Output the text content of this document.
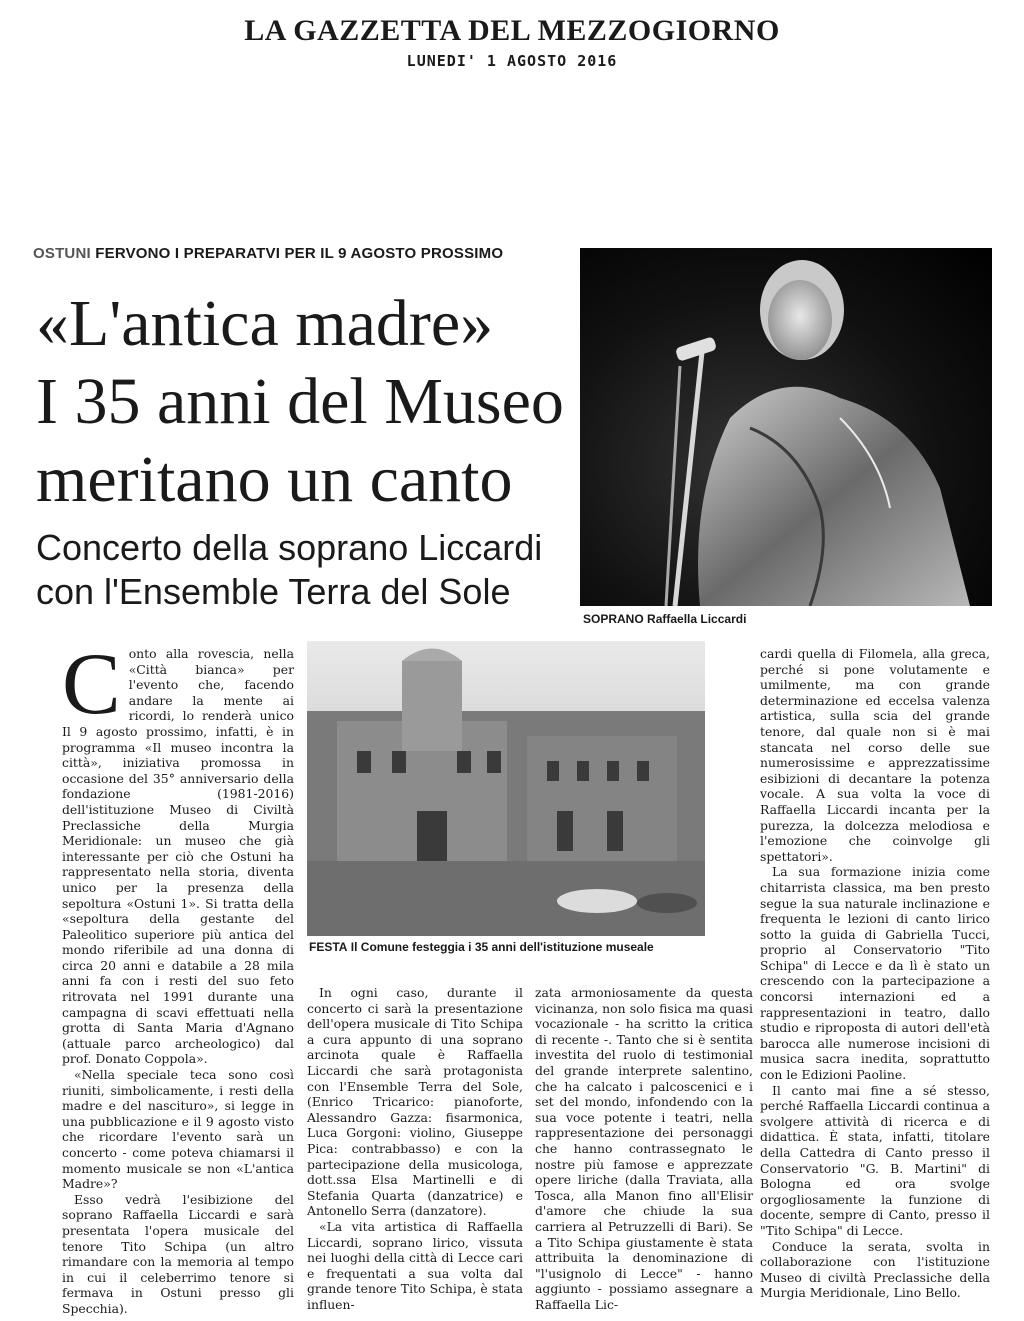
LA GAZZETTA DEL MEZZOGIORNO
LUNEDI' 1 AGOSTO 2016
OSTUNI FERVONO I PREPARATVI PER IL 9 AGOSTO PROSSIMO
«L'antica madre»
I 35 anni del Museo
meritano un canto
Concerto della soprano Liccardi
con l'Ensemble Terra del Sole
SOPRANO Raffaella Liccardi
FESTA Il Comune festeggia i 35 anni dell'istituzione museale

Conto alla rovescia, nella «Città bianca» per l'evento che, facendo andare la mente ai ricordi, lo renderà unico Il 9 agosto prossimo, infatti, è in programma «Il museo incontra la città», iniziativa promossa in occasione del 35° anniversario della fondazione (1981-2016) dell'istituzione Museo di Civiltà Preclassiche della Murgia Meridionale: un museo che già interessante per ciò che Ostuni ha rappresentato nella storia, diventa unico per la presenza della sepoltura «Ostuni 1». Si tratta della «sepoltura della gestante del Paleolitico superiore più antica del mondo riferibile ad una donna di circa 20 anni e databile a 28 mila anni fa con i resti del suo feto ritrovata nel 1991 durante una campagna di scavi effettuati nella grotta di Santa Maria d'Agnano (attuale parco archeologico) dal prof. Donato Coppola».

«Nella speciale teca sono così riuniti, simbolicamente, i resti della madre e del nascituro», si legge in una pubblicazione e il 9 agosto visto che ricordare l'evento sarà un concerto - come poteva chiamarsi il momento musicale se non «L'antica Madre»?

Esso vedrà l'esibizione del soprano Raffaella Liccardi e sarà presentata l'opera musicale del tenore Tito Schipa (un altro rimandare con la memoria al tempo in cui il celeberrimo tenore si fermava in Ostuni presso gli Specchia).

In ogni caso, durante il concerto ci sarà la presentazione dell'opera musicale di Tito Schipa a cura appunto di una soprano arcinota quale è Raffaella Liccardi che sarà protagonista con l'Ensemble Terra del Sole, (Enrico Tricarico: pianoforte, Alessandro Gazza: fisarmonica, Luca Gorgoni: violino, Giuseppe Pica: contrabbasso) e con la partecipazione della musicologa, dott.ssa Elsa Martinelli e di Stefania Quarta (danzatrice) e Antonello Serra (danzatore).

«La vita artistica di Raffaella Liccardi, soprano lirico, vissuta nei luoghi della città di Lecce cari e frequentati a sua volta dal grande tenore Tito Schipa, è stata influen-

zata armoniosamente da questa vicinanza, non solo fisica ma quasi vocazionale - ha scritto la critica di recente -. Tanto che si è sentita investita del ruolo di testimonial del grande interprete salentino, che ha calcato i palcoscenici e i set del mondo, infondendo con la sua voce potente i teatri, nella rappresentazione dei personaggi che hanno contrassegnato le nostre più famose e apprezzate opere liriche (dalla Traviata, alla Tosca, alla Manon fino all'Elisir d'amore che chiude la sua carriera al Petruzzelli di Bari). Se a Tito Schipa giustamente è stata attribuita la denominazione di "l'usignolo di Lecce" - hanno aggiunto - possiamo assegnare a Raffaella Lic-

cardi quella di Filomela, alla greca, perché si pone volutamente e umilmente, ma con grande determinazione ed eccelsa valenza artistica, sulla scia del grande tenore, dal quale non si è mai stancata nel corso delle sue numerosissime e apprezzatissime esibizioni di decantare la potenza vocale. A sua volta la voce di Raffaella Liccardi incanta per la purezza, la dolcezza melodiosa e l'emozione che coinvolge gli spettatori».

La sua formazione inizia come chitarrista classica, ma ben presto segue la sua naturale inclinazione e frequenta le lezioni di canto lirico sotto la guida di Gabriella Tucci, proprio al Conservatorio "Tito Schipa" di Lecce e da lì è stato un crescendo con la partecipazione a concorsi internazioni ed a rappresentazioni in teatro, dallo studio e riproposta di autori dell'età barocca alle numerose incisioni di musica sacra inedita, soprattutto con le Edizioni Paoline.

Il canto mai fine a sé stesso, perché Raffaella Liccardi continua a svolgere attività di ricerca e di didattica. È stata, infatti, titolare della Cattedra di Canto presso il Conservatorio "G. B. Martini" di Bologna ed ora svolge orgogliosamente la funzione di docente, sempre di Canto, presso il "Tito Schipa" di Lecce.

Conduce la serata, svolta in collaborazione con l'istituzione Museo di civiltà Preclassiche della Murgia Meridionale, Lino Bello.
